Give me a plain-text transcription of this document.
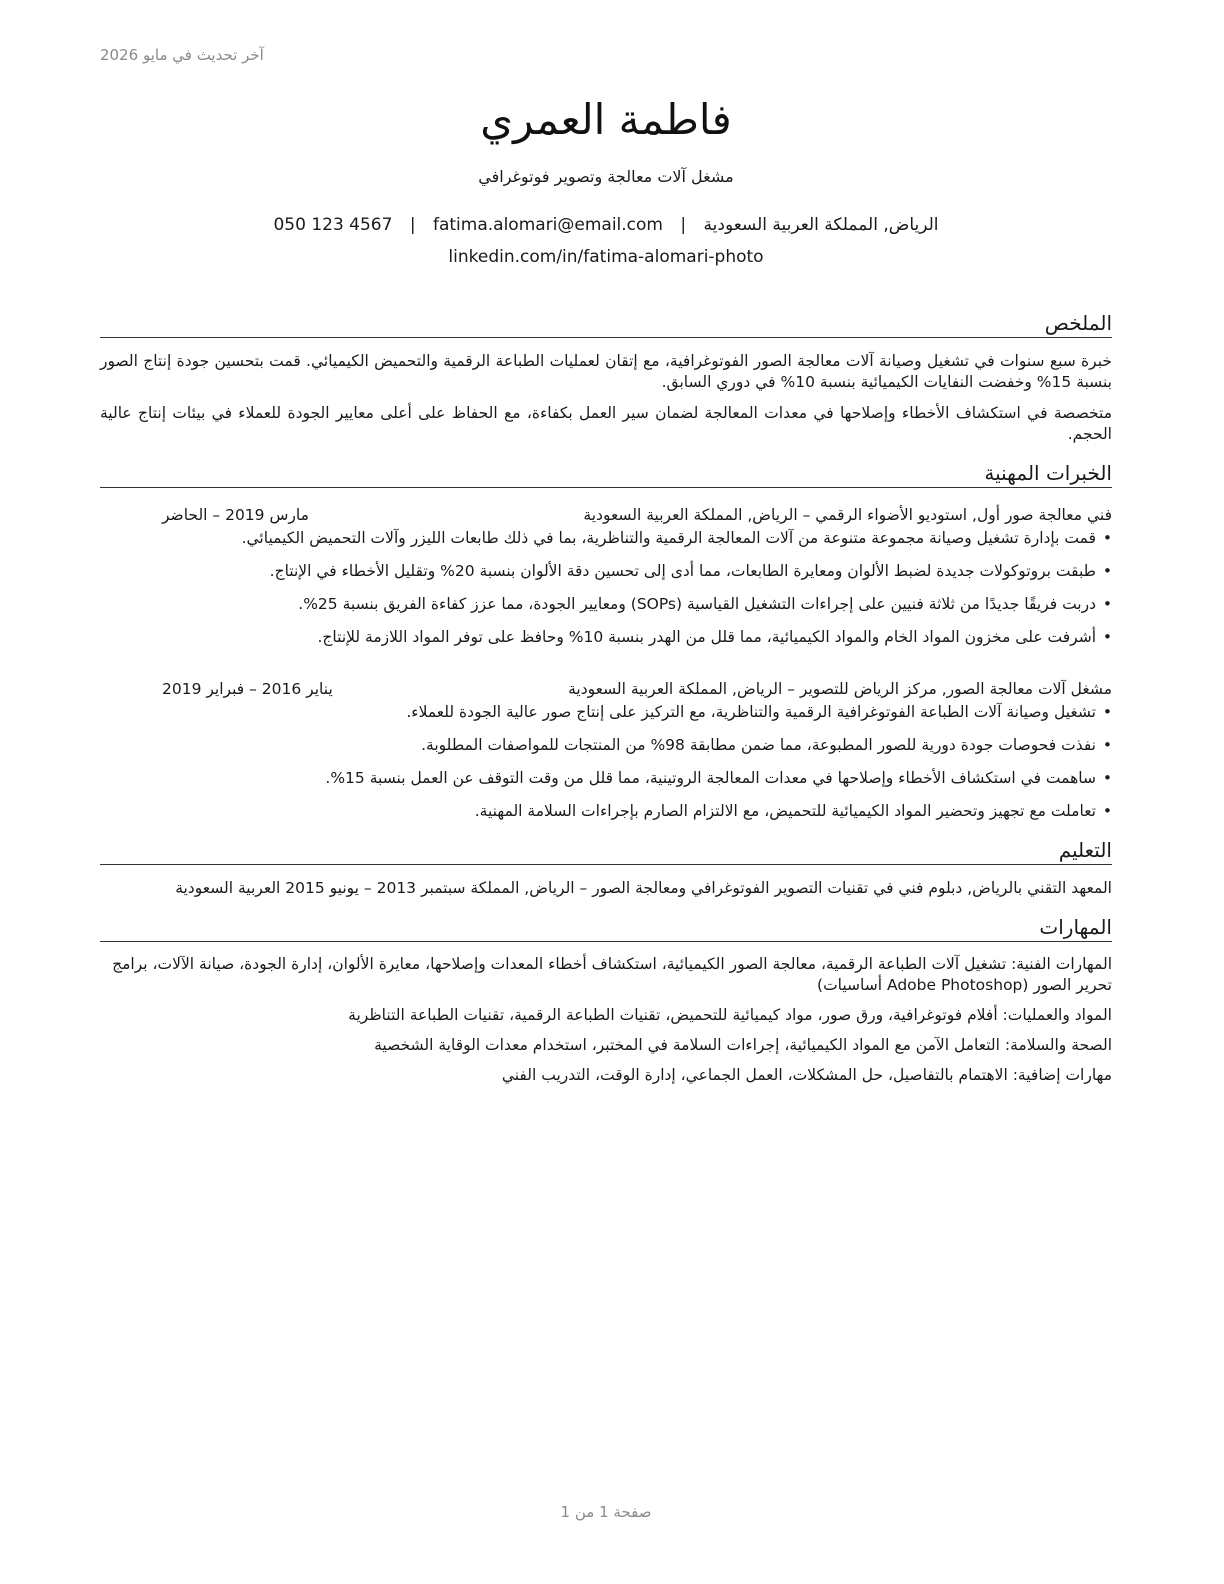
آخر تحديث في مايو 2026
فاطمة العمري
مشغل آلات معالجة وتصوير فوتوغرافي
050 123 4567 | fatima.alomari@email.com | الرياض, المملكة العربية السعودية
linkedin.com/in/fatima-alomari-photo
الملخص

خبرة سبع سنوات في تشغيل وصيانة آلات معالجة الصور الفوتوغرافية، مع إتقان لعمليات الطباعة الرقمية والتحميض الكيميائي. قمت بتحسين جودة إنتاج الصور بنسبة 15% وخفضت النفايات الكيميائية بنسبة 10% في دوري السابق.

متخصصة في استكشاف الأخطاء وإصلاحها في معدات المعالجة لضمان سير العمل بكفاءة، مع الحفاظ على أعلى معايير الجودة للعملاء في بيئات إنتاج عالية الحجم.

الخبرات المهنية
فني معالجة صور أول, استوديو الأضواء الرقمي – الرياض, المملكة العربية السعودية
مارس 2019 – الحاضر
• قمت بإدارة تشغيل وصيانة مجموعة متنوعة من آلات المعالجة الرقمية والتناظرية، بما في ذلك طابعات الليزر وآلات التحميض الكيميائي.
• طبقت بروتوكولات جديدة لضبط الألوان ومعايرة الطابعات، مما أدى إلى تحسين دقة الألوان بنسبة 20% وتقليل الأخطاء في الإنتاج.
• دربت فريقًا جديدًا من ثلاثة فنيين على إجراءات التشغيل القياسية (SOPs) ومعايير الجودة، مما عزز كفاءة الفريق بنسبة 25%.
• أشرفت على مخزون المواد الخام والمواد الكيميائية، مما قلل من الهدر بنسبة 10% وحافظ على توفر المواد اللازمة للإنتاج.
مشغل آلات معالجة الصور, مركز الرياض للتصوير – الرياض, المملكة العربية السعودية
يناير 2016 – فبراير 2019
• تشغيل وصيانة آلات الطباعة الفوتوغرافية الرقمية والتناظرية، مع التركيز على إنتاج صور عالية الجودة للعملاء.
• نفذت فحوصات جودة دورية للصور المطبوعة، مما ضمن مطابقة 98% من المنتجات للمواصفات المطلوبة.
• ساهمت في استكشاف الأخطاء وإصلاحها في معدات المعالجة الروتينية، مما قلل من وقت التوقف عن العمل بنسبة 15%.
• تعاملت مع تجهيز وتحضير المواد الكيميائية للتحميض، مع الالتزام الصارم بإجراءات السلامة المهنية.
التعليم
المعهد التقني بالرياض, دبلوم فني في تقنيات التصوير الفوتوغرافي ومعالجة الصور – الرياض, المملكة سبتمبر 2013 – يونيو 2015 العربية السعودية
المهارات
المهارات الفنية: تشغيل آلات الطباعة الرقمية، معالجة الصور الكيميائية، استكشاف أخطاء المعدات وإصلاحها، معايرة الألوان، إدارة الجودة، صيانة الآلات، برامج تحرير الصور (Adobe Photoshop أساسيات)
المواد والعمليات: أفلام فوتوغرافية، ورق صور، مواد كيميائية للتحميض، تقنيات الطباعة الرقمية، تقنيات الطباعة التناظرية
الصحة والسلامة: التعامل الآمن مع المواد الكيميائية، إجراءات السلامة في المختبر، استخدام معدات الوقاية الشخصية
مهارات إضافية: الاهتمام بالتفاصيل، حل المشكلات، العمل الجماعي، إدارة الوقت، التدريب الفني
صفحة 1 من 1
